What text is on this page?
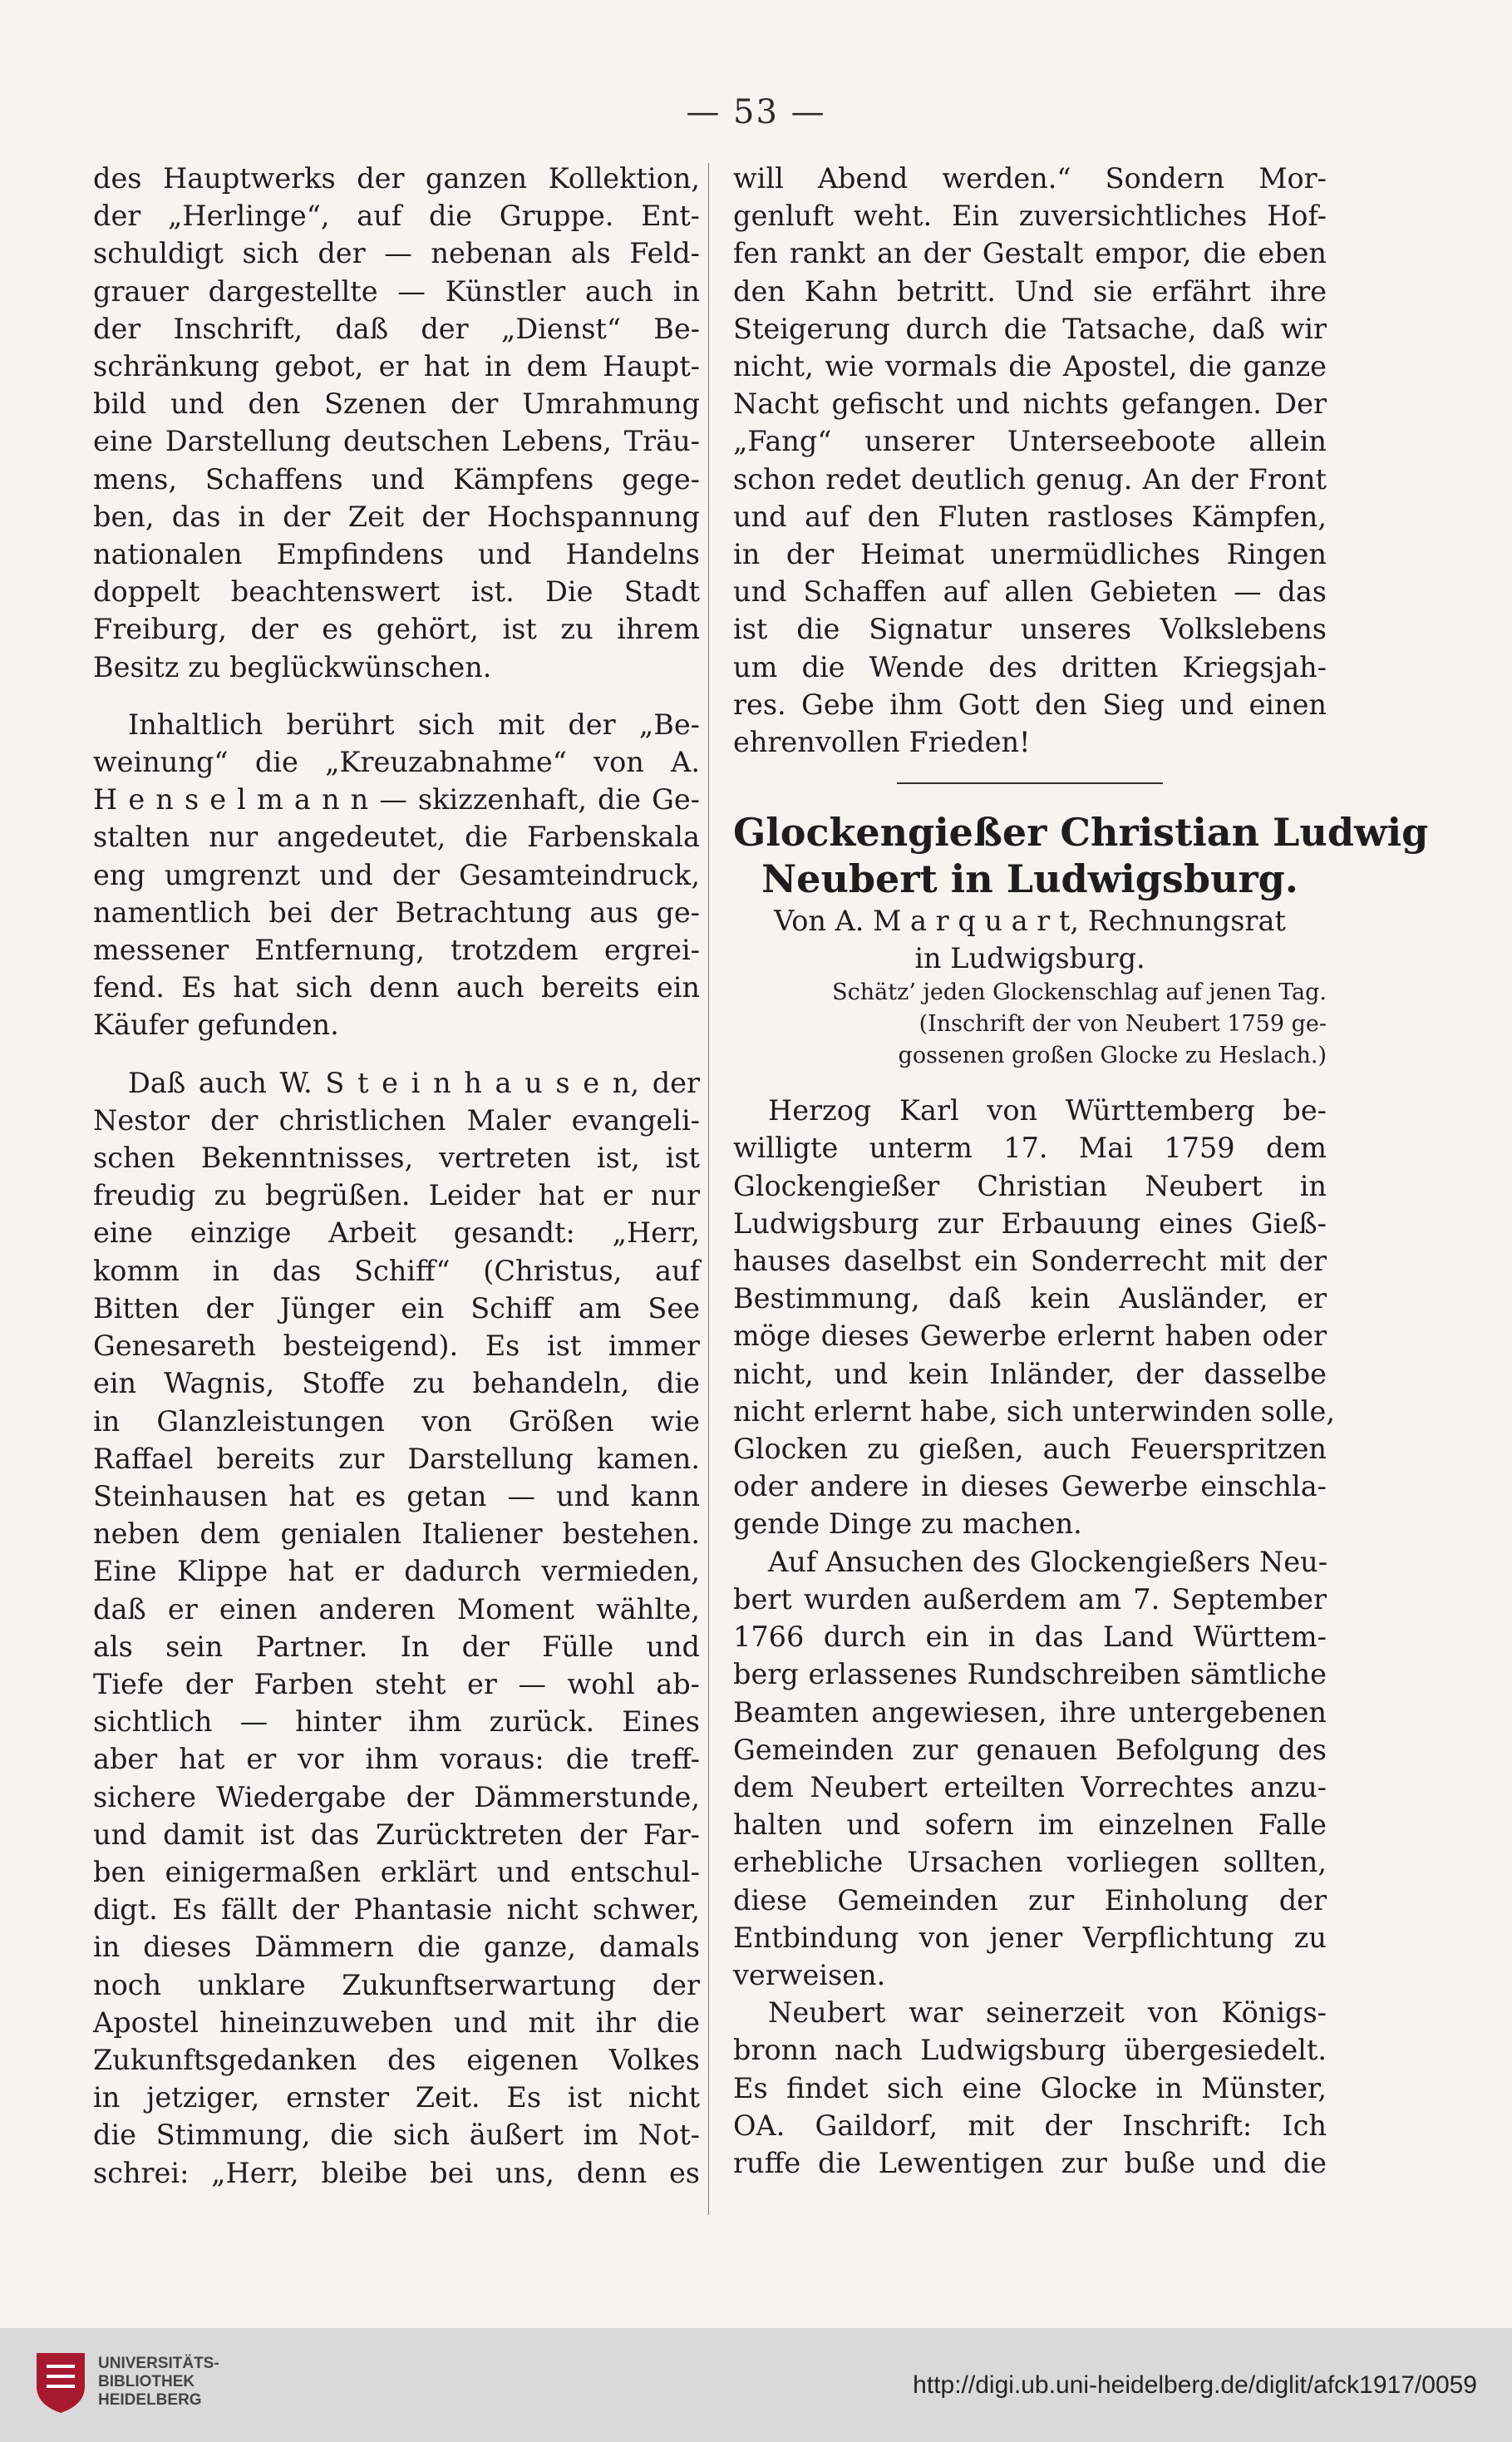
— 53 —
des Hauptwerks der ganzen Kollektion,
der „Herlinge“, auf die Gruppe. Ent-
schuldigt sich der — nebenan als Feld-
grauer dargestellte — Künstler auch in
der Inschrift, daß der „Dienst“ Be-
schränkung gebot, er hat in dem Haupt-
bild und den Szenen der Umrahmung
eine Darstellung deutschen Lebens, Träu-
mens, Schaffens und Kämpfens gege-
ben, das in der Zeit der Hochspannung
nationalen Empfindens und Handelns
doppelt beachtenswert ist. Die Stadt
Freiburg, der es gehört, ist zu ihrem
Besitz zu beglückwünschen.
Inhaltlich berührt sich mit der „Be-
weinung“ die „Kreuzabnahme“ von A.
H e n s e l m a n n — skizzenhaft, die Ge-
stalten nur angedeutet, die Farbenskala
eng umgrenzt und der Gesamteindruck,
namentlich bei der Betrachtung aus ge-
messener Entfernung, trotzdem ergrei-
fend. Es hat sich denn auch bereits ein
Käufer gefunden.
Daß auch W. S t e i n h a u s e n, der
Nestor der christlichen Maler evangeli-
schen Bekenntnisses, vertreten ist, ist
freudig zu begrüßen. Leider hat er nur
eine einzige Arbeit gesandt: „Herr,
komm in das Schiff“ (Christus, auf
Bitten der Jünger ein Schiff am See
Genesareth besteigend). Es ist immer
ein Wagnis, Stoffe zu behandeln, die
in Glanzleistungen von Größen wie
Raffael bereits zur Darstellung kamen.
Steinhausen hat es getan — und kann
neben dem genialen Italiener bestehen.
Eine Klippe hat er dadurch vermieden,
daß er einen anderen Moment wählte,
als sein Partner. In der Fülle und
Tiefe der Farben steht er — wohl ab-
sichtlich — hinter ihm zurück. Eines
aber hat er vor ihm voraus: die treff-
sichere Wiedergabe der Dämmerstunde,
und damit ist das Zurücktreten der Far-
ben einigermaßen erklärt und entschul-
digt. Es fällt der Phantasie nicht schwer,
in dieses Dämmern die ganze, damals
noch unklare Zukunftserwartung der
Apostel hineinzuweben und mit ihr die
Zukunftsgedanken des eigenen Volkes
in jetziger, ernster Zeit. Es ist nicht
die Stimmung, die sich äußert im Not-
schrei: „Herr, bleibe bei uns, denn es
will Abend werden.“ Sondern Mor-
genluft weht. Ein zuversichtliches Hof-
fen rankt an der Gestalt empor, die eben
den Kahn betritt. Und sie erfährt ihre
Steigerung durch die Tatsache, daß wir
nicht, wie vormals die Apostel, die ganze
Nacht gefischt und nichts gefangen. Der
„Fang“ unserer Unterseeboote allein
schon redet deutlich genug. An der Front
und auf den Fluten rastloses Kämpfen,
in der Heimat unermüdliches Ringen
und Schaffen auf allen Gebieten — das
ist die Signatur unseres Volkslebens
um die Wende des dritten Kriegsjah-
res. Gebe ihm Gott den Sieg und einen
ehrenvollen Frieden!
Glockengießer Christian Ludwig
Neubert in Ludwigsburg.
Von A. M a r q u a r t, Rechnungsrat
in Ludwigsburg.
Schätz’ jeden Glockenschlag auf jenen Tag.
(Inschrift der von Neubert 1759 ge-
gossenen großen Glocke zu Heslach.)
Herzog Karl von Württemberg be-
willigte unterm 17. Mai 1759 dem
Glockengießer Christian Neubert in
Ludwigsburg zur Erbauung eines Gieß-
hauses daselbst ein Sonderrecht mit der
Bestimmung, daß kein Ausländer, er
möge dieses Gewerbe erlernt haben oder
nicht, und kein Inländer, der dasselbe
nicht erlernt habe, sich unterwinden solle,
Glocken zu gießen, auch Feuerspritzen
oder andere in dieses Gewerbe einschla-
gende Dinge zu machen.
Auf Ansuchen des Glockengießers Neu-
bert wurden außerdem am 7. September
1766 durch ein in das Land Württem-
berg erlassenes Rundschreiben sämtliche
Beamten angewiesen, ihre untergebenen
Gemeinden zur genauen Befolgung des
dem Neubert erteilten Vorrechtes anzu-
halten und sofern im einzelnen Falle
erhebliche Ursachen vorliegen sollten,
diese Gemeinden zur Einholung der
Entbindung von jener Verpflichtung zu
verweisen.
Neubert war seinerzeit von Königs-
bronn nach Ludwigsburg übergesiedelt.
Es findet sich eine Glocke in Münster,
OA. Gaildorf, mit der Inschrift: Ich
ruffe die Lewentigen zur buße und die
UNIVERSITÄTS-
BIBLIOTHEK
HEIDELBERG
http://digi.ub.uni-heidelberg.de/diglit/afck1917/0059
